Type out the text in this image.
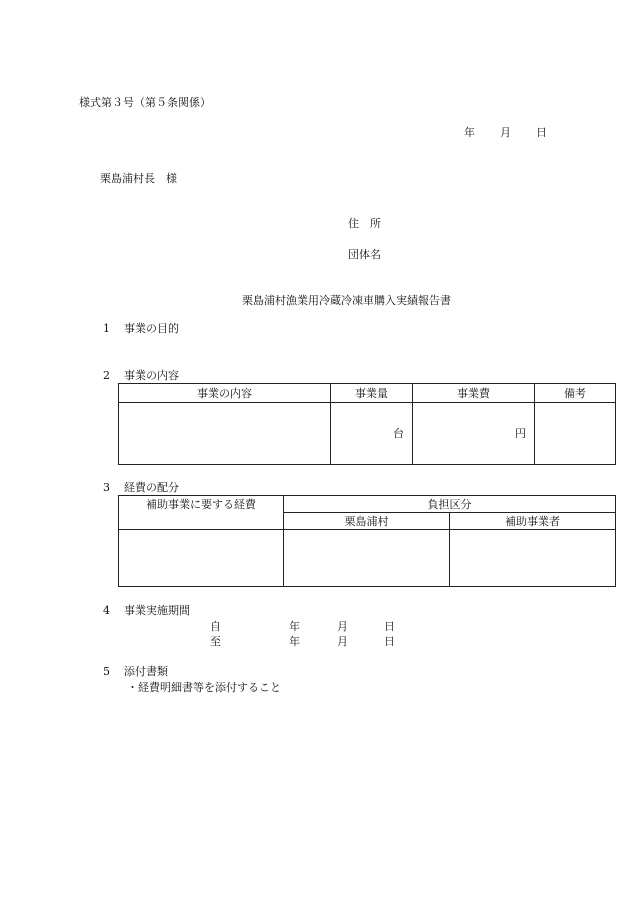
様式第３号（第５条関係）
年 月 日
栗島浦村長　様
住　所
団体名
栗島浦村漁業用冷蔵冷凍車購入実績報告書
1 事業の目的
2 事業の内容
事業の内容	事業量	事業費	備考
	台	円	
3 経費の配分
補助事業に要する経費	負担区分	
	栗島浦村	補助事業者

4 事業実施期間
自	年	月	日
至	年	月	日
5 添付書類
・経費明細書等を添付すること
